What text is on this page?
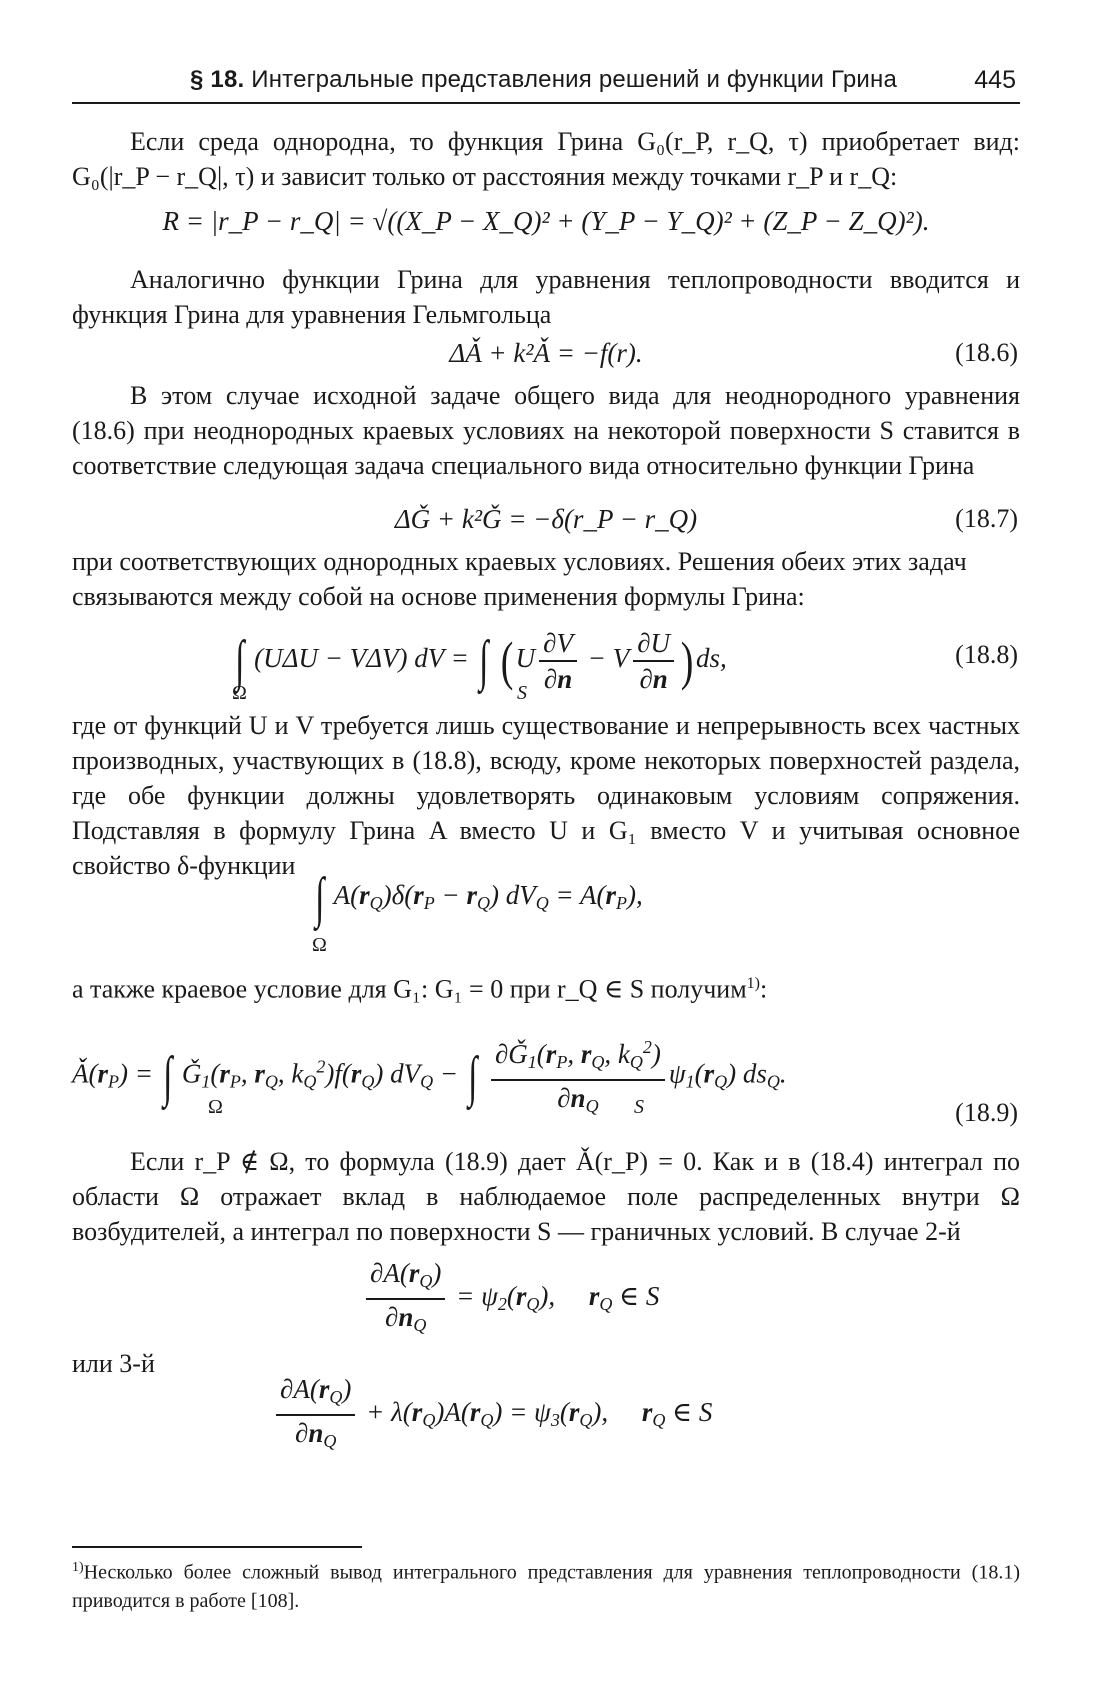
§ 18. Интегральные представления решений и функции Грина	445

Если среда однородна, то функция Грина G₀(r_P, r_Q, τ) приобретает вид: G₀(|r_P − r_Q|, τ) и зависит только от расстояния между точками r_P и r_Q:

R = |r_P − r_Q| = √((X_P − X_Q)² + (Y_P − Y_Q)² + (Z_P − Z_Q)²).

Аналогично функции Грина для уравнения теплопроводности вводится и функция Грина для уравнения Гельмгольца

ΔǍ + k²Ǎ = −f(r).	(18.6)

В этом случае исходной задаче общего вида для неоднородного уравнения (18.6) при неоднородных краевых условиях на некоторой поверхности S ставится в соответствие следующая задача специального вида относительно функции Грина

ΔǦ + k²Ǧ = −δ(r_P − r_Q)	(18.7)

при соответствующих однородных краевых условиях. Решения обеих этих задач связываются между собой на основе применения формулы Грина:

∫ (UΔU − VΔV) dV = ∫ $(U \frac{\partial V}{\partial n} - V \frac{\partial U}{\partial n} )ds$,
Ω	S
(18.8)

где от функций U и V требуется лишь существование и непрерывность всех частных производных, участвующих в (18.8), всюду, кроме некоторых поверхностей раздела, где обе функции должны удовлетворять одинаковым условиям сопряжения. Подставляя в формулу Грина A вместо U и G₁ вместо V и учитывая основное свойство δ-функции

∫ $A(r_Q)\delta(r_P - r_Q) dV_Q = A(r_P)$,
Ω

а также краевое условие для G₁: G₁ = 0 при r_Q ∈ S получим$^{1)}$:

$Ǎ(r_P)$ = ∫ $Ǧ_1(r_P$, $r_Q$, $k_Q^2)f(r_Q)$ $dV_Q$ − ∫ $\frac{\partial Ǧ_1(r_P, r_Q, k_Q^2)}{\partial n_Q} \psi_1(r_Q)$ $ds_Q$.
Ω	S	(18.9)

Если r_P ∉ Ω, то формула (18.9) дает Ǎ(r_P) = 0. Как и в (18.4) интеграл по области Ω отражает вклад в наблюдаемое поле распределенных внутри Ω возбудителей, а интеграл по поверхности S — граничных условий. В случае 2-й

$\frac{\partial A(r_Q)}{\partial n_Q} = \psi_2(r_Q)$,     $r_Q$ ∈ S

или 3-й

$\frac{\partial A(r_Q)}{\partial n_Q} + \lambda(r_Q)A(r_Q) = \psi_3(r_Q)$,     $r_Q$ ∈ S

$^{1)}$Несколько более сложный вывод интегрального представления для уравнения теплопроводности (18.1) приводится в работе [108].
